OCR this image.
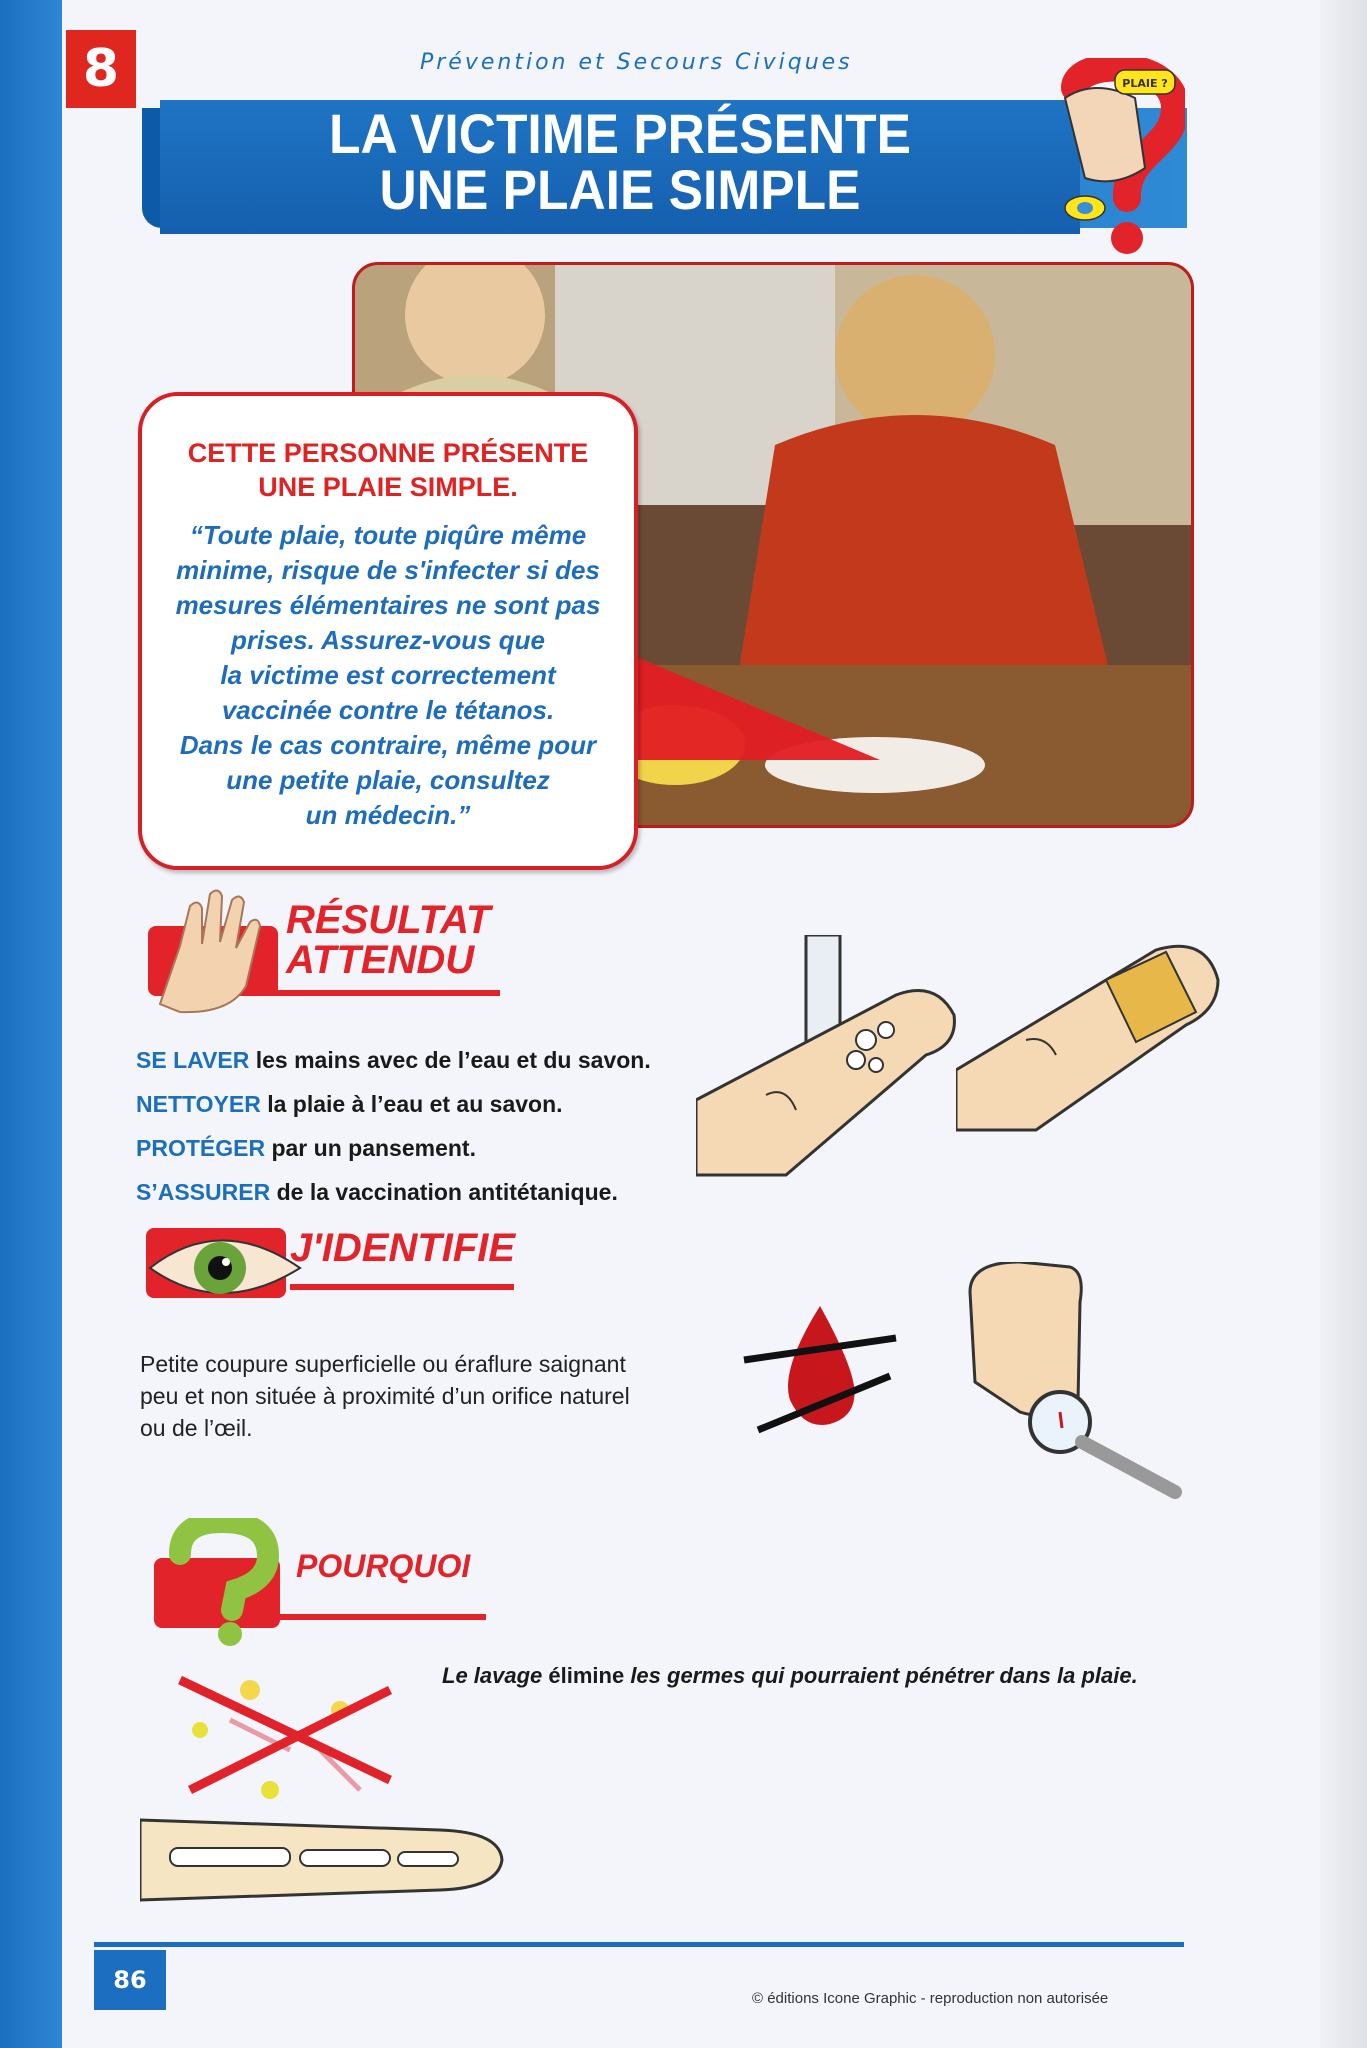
8	Prévention et Secours Civiques
LA VICTIME PRÉSENTE
UNE PLAIE SIMPLE
PLAIE ?
CETTE PERSONNE PRÉSENTE
UNE PLAIE SIMPLE.
“Toute plaie, toute piqûre même
minime, risque de s'infecter si des
mesures élémentaires ne sont pas
prises. Assurez-vous que
la victime est correctement
vaccinée contre le tétanos.
Dans le cas contraire, même pour
une petite plaie, consultez
un médecin.”
RÉSULTAT
ATTENDU
SE LAVER les mains avec de l’eau et du savon.
NETTOYER la plaie à l’eau et au savon.
PROTÉGER par un pansement.
S’ASSURER de la vaccination antitétanique.
J'IDENTIFIE
Petite coupure superficielle ou éraflure saignant
peu et non située à proximité d’un orifice naturel
ou de l’œil.
POURQUOI
Le lavage élimine les germes qui pourraient pénétrer dans la plaie.
86
© éditions Icone Graphic - reproduction non autorisée
